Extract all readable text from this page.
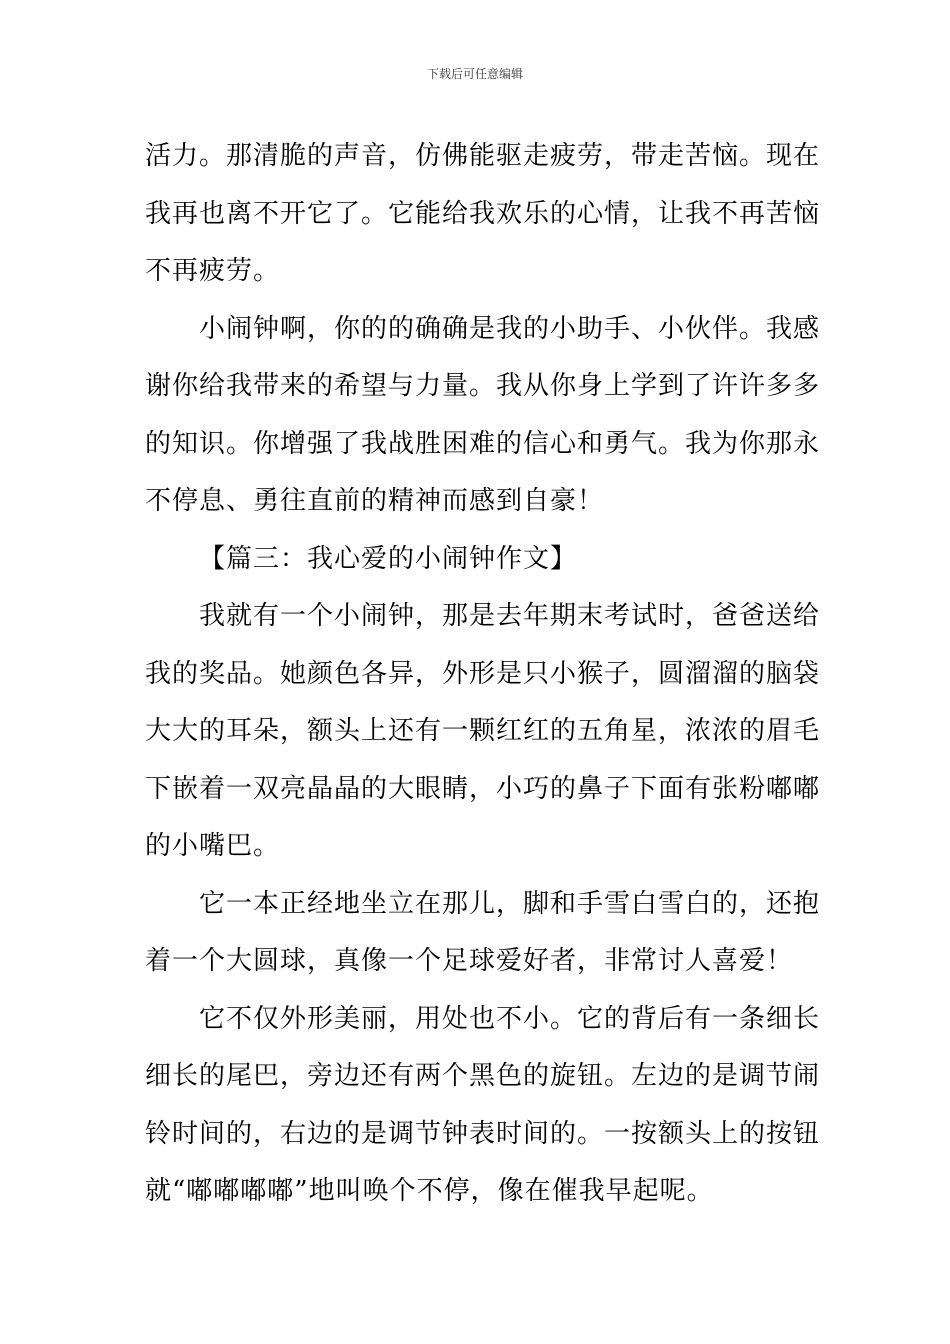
下载后可任意编辑
活力。那清脆的声音，仿佛能驱走疲劳，带走苦恼。现在
我再也离不开它了。它能给我欢乐的心情，让我不再苦恼
不再疲劳。
小闹钟啊，你的的确确是我的小助手、小伙伴。我感
谢你给我带来的希望与力量。我从你身上学到了许许多多
的知识。你增强了我战胜困难的信心和勇气。我为你那永
不停息、勇往直前的精神而感到自豪！
【篇三：我心爱的小闹钟作文】
我就有一个小闹钟，那是去年期末考试时，爸爸送给
我的奖品。她颜色各异，外形是只小猴子，圆溜溜的脑袋
大大的耳朵，额头上还有一颗红红的五角星，浓浓的眉毛
下嵌着一双亮晶晶的大眼睛，小巧的鼻子下面有张粉嘟嘟
的小嘴巴。
它一本正经地坐立在那儿，脚和手雪白雪白的，还抱
着一个大圆球，真像一个足球爱好者，非常讨人喜爱！
它不仅外形美丽，用处也不小。它的背后有一条细长
细长的尾巴，旁边还有两个黑色的旋钮。左边的是调节闹
铃时间的，右边的是调节钟表时间的。一按额头上的按钮
就“嘟嘟嘟嘟”地叫唤个不停，像在催我早起呢。
